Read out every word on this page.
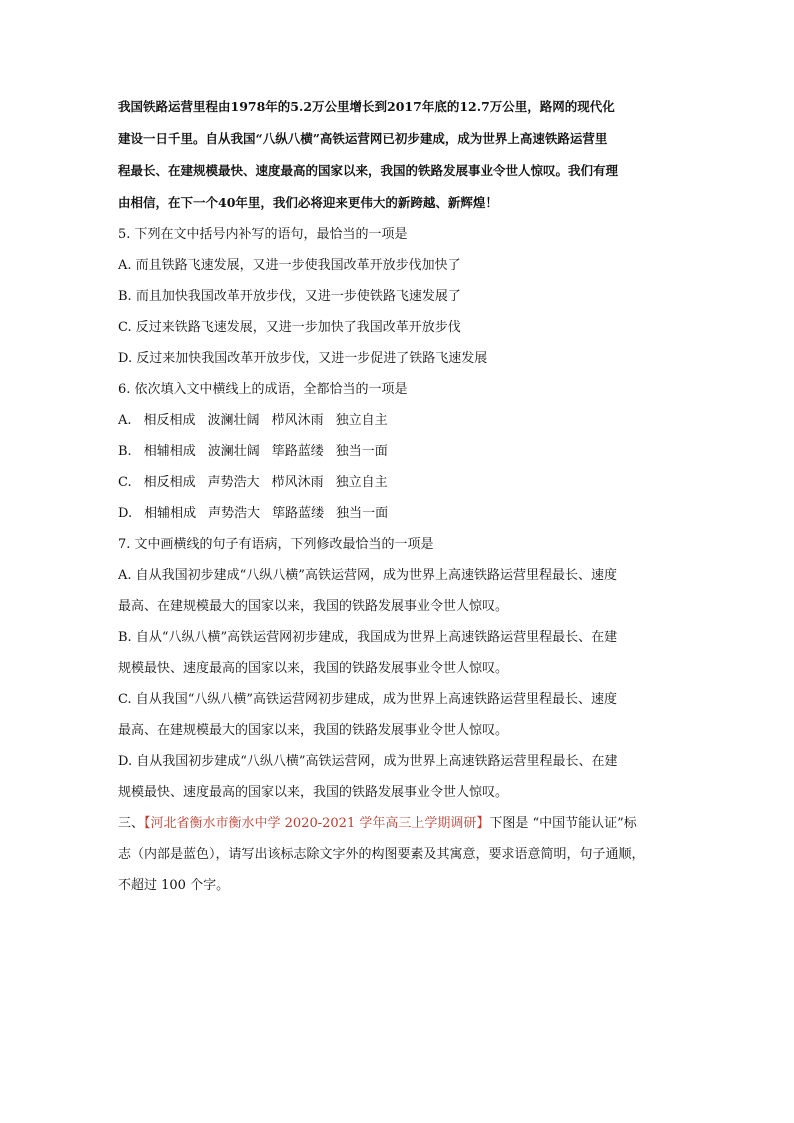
我国铁路运营里程由1978年的5.2万公里增长到2017年底的12.7万公里，路网的现代化

建设一日千里。自从我国“八纵八横”高铁运营网已初步建成，成为世界上高速铁路运营里

程最长、在建规模最快、速度最高的国家以来，我国的铁路发展事业令世人惊叹。我们有理

由相信，在下一个40年里，我们必将迎来更伟大的新跨越、新辉煌！

5. 下列在文中括号内补写的语句，最恰当的一项是

A. 而且铁路飞速发展，又进一步使我国改革开放步伐加快了

B. 而且加快我国改革开放步伐，又进一步使铁路飞速发展了

C. 反过来铁路飞速发展，又进一步加快了我国改革开放步伐

D. 反过来加快我国改革开放步伐，又进一步促进了铁路飞速发展

6. 依次填入文中横线上的成语，全都恰当的一项是

A. 相反相成 波澜壮阔 栉风沐雨 独立自主

B. 相辅相成 波澜壮阔 筚路蓝缕 独当一面

C. 相反相成 声势浩大 栉风沐雨 独立自主

D. 相辅相成 声势浩大 筚路蓝缕 独当一面

7. 文中画横线的句子有语病，下列修改最恰当的一项是

A. 自从我国初步建成“八纵八横”高铁运营网，成为世界上高速铁路运营里程最长、速度

最高、在建规模最大的国家以来，我国的铁路发展事业令世人惊叹。

B. 自从“八纵八横”高铁运营网初步建成，我国成为世界上高速铁路运营里程最长、在建

规模最快、速度最高的国家以来，我国的铁路发展事业令世人惊叹。

C. 自从我国“八纵八横”高铁运营网初步建成，成为世界上高速铁路运营里程最长、速度

最高、在建规模最大的国家以来，我国的铁路发展事业令世人惊叹。

D. 自从我国初步建成“八纵八横”高铁运营网，成为世界上高速铁路运营里程最长、在建

规模最快、速度最高的国家以来，我国的铁路发展事业令世人惊叹。

三、【河北省衡水市衡水中学 2020-2021 学年高三上学期调研】下图是 “中国节能认证”标

志（内部是蓝色），请写出该标志除文字外的构图要素及其寓意，要求语意简明，句子通顺，

不超过 100 个字。
